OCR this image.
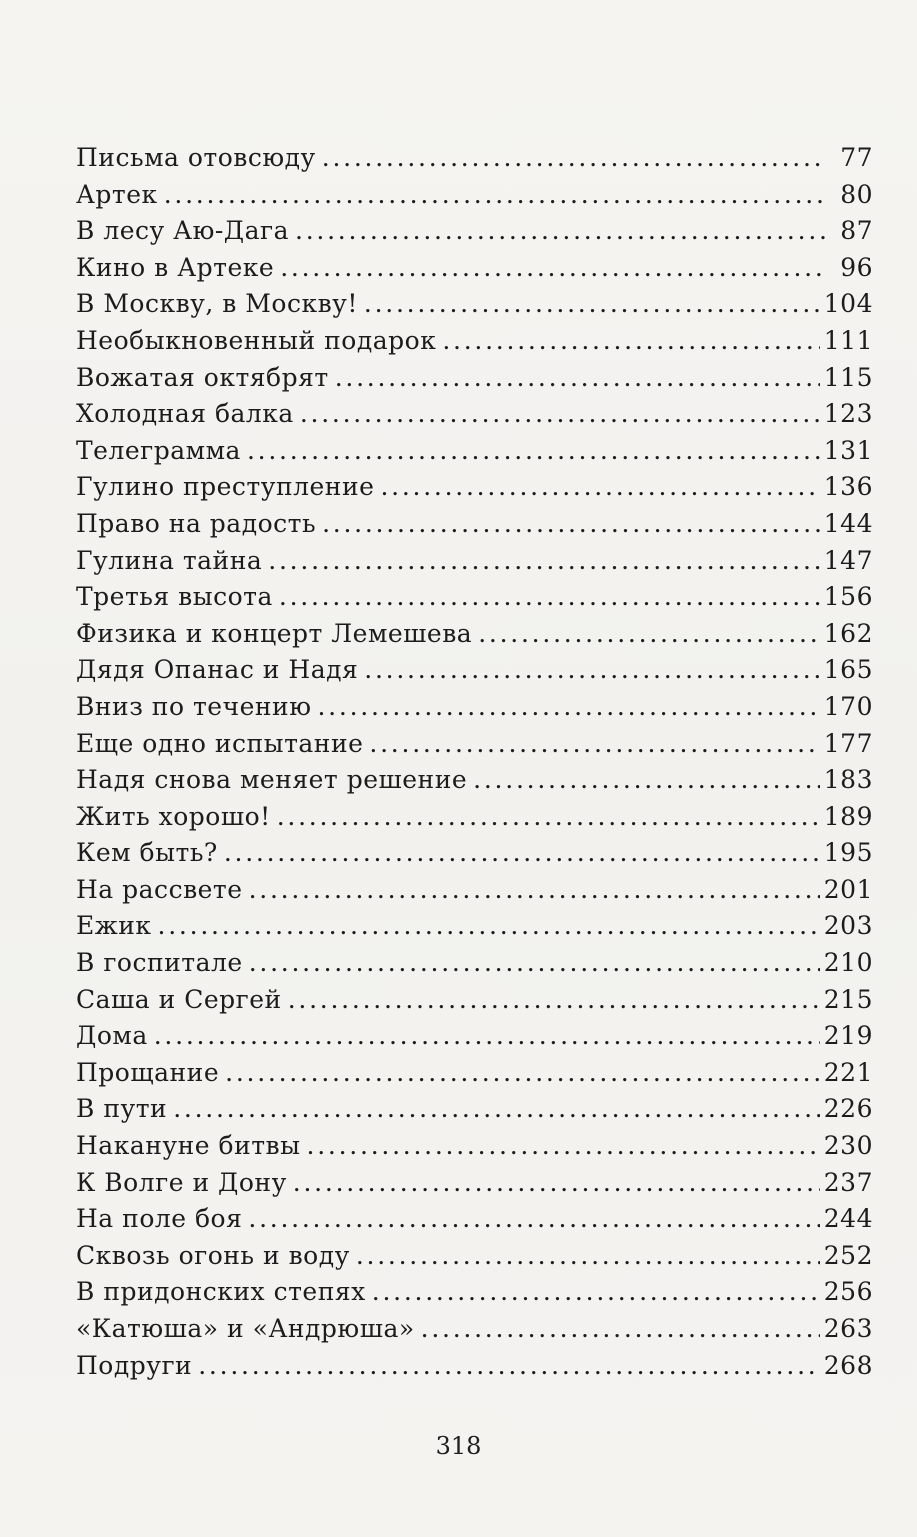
Письма отовсюду . . .	77
Артек . . .	80
В лесу Аю-Дага . . .	87
Кино в Артеке . . .	96
В Москву, в Москву! . . .	104
Необыкновенный подарок . . .	111
Вожатая октябрят . . .	115
Холодная балка . . .	123
Телеграмма . . .	131
Гулино преступление . . .	136
Право на радость . . .	144
Гулина тайна . . .	147
Третья высота . . .	156
Физика и концерт Лемешева . . .	162
Дядя Опанас и Надя . . .	165
Вниз по течению . . .	170
Еще одно испытание . . .	177
Надя снова меняет решение . . .	183
Жить хорошо! . . .	189
Кем быть? . . .	195
На рассвете . . .	201
Ежик . . .	203
В госпитале . . .	210
Саша и Сергей . . .	215
Дома . . .	219
Прощание . . .	221
В пути . . .	226
Накануне битвы . . .	230
К Волге и Дону . . .	237
На поле боя . . .	244
Сквозь огонь и воду . . .	252
В придонских степях . . .	256
«Катюша» и «Андрюша» . . .	263
Подруги . . .	268
318
